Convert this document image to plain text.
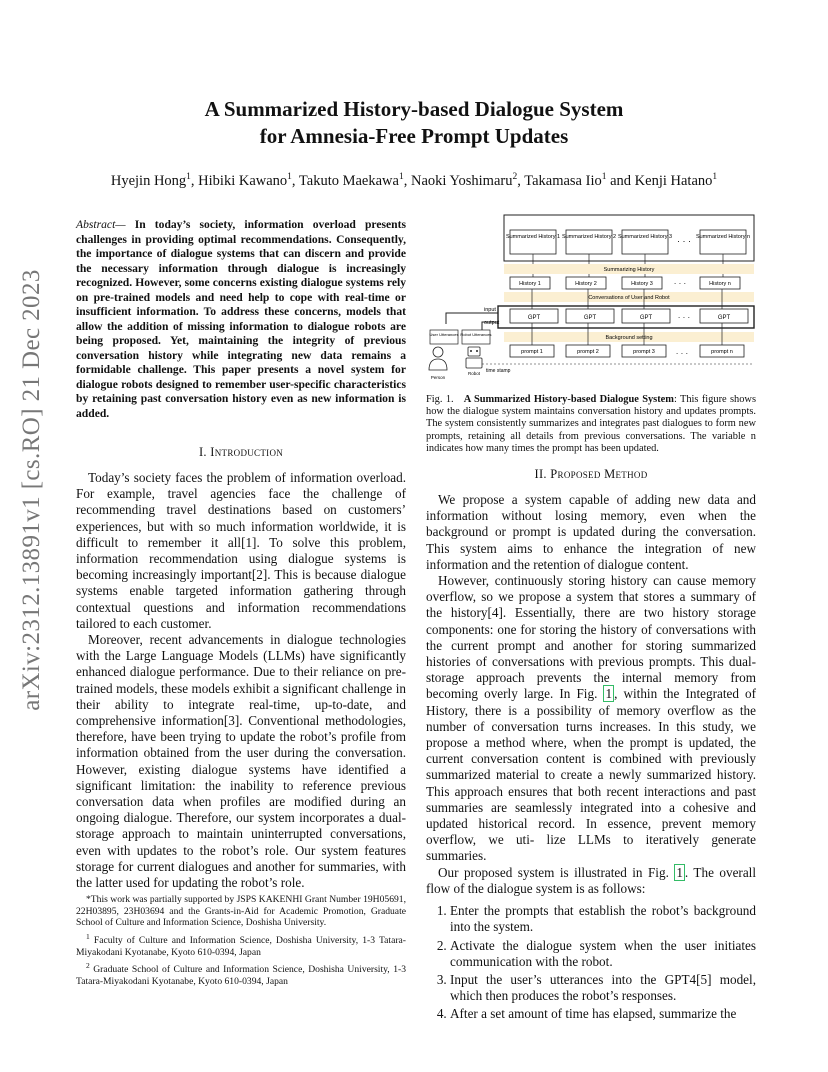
arXiv:2312.13891v1 [cs.RO] 21 Dec 2023
A Summarized History-based Dialogue System
for Amnesia-Free Prompt Updates
Hyejin Hong$^1$, Hibiki Kawano$^1$, Takuto Maekawa$^1$, Naoki Yoshimaru$^2$, Takamasa Iio$^1$ and Kenji Hatano$^1$

Abstract— In today’s society, information overload presents challenges in providing optimal recommendations. Consequently, the importance of dialogue systems that can discern and provide the necessary information through dialogue is increasingly recognized. However, some concerns existing dialogue systems rely on pre-trained models and need help to cope with real-time or insufficient information. To address these concerns, models that allow the addition of missing information to dialogue robots are being proposed. Yet, maintaining the integrity of previous conversation history while integrating new data remains a formidable challenge. This paper presents a novel system for dialogue robots designed to remember user-specific characteristics by retaining past conversation history even as new information is added.

I. Introduction

Today’s society faces the problem of information overload. For example, travel agencies face the challenge of recommending travel destinations based on customers’ experiences, but with so much information worldwide, it is difficult to remember it all[1]. To solve this problem, information recommendation using dialogue systems is becoming increasingly important[2]. This is because dialogue systems enable targeted information gathering through contextual questions and information recommendations tailored to each customer.

Moreover, recent advancements in dialogue technologies with the Large Language Models (LLMs) have significantly enhanced dialogue performance. Due to their reliance on pre-trained models, these models exhibit a significant challenge in their ability to integrate real-time, up-to-date, and comprehensive information[3]. Conventional methodologies, therefore, have been trying to update the robot’s profile from information obtained from the user during the conversation. However, existing dialogue systems have identified a significant limitation: the inability to reference previous conversation data when profiles are modified during an ongoing dialogue. Therefore, our system incorporates a dual-storage approach to maintain uninterrupted conversations, even with updates to the robot’s role. Our system features storage for current dialogues and another for summaries, with the latter used for updating the robot’s role.

*This work was partially supported by JSPS KAKENHI Grant Number 19H05691, 22H03895, 23H03694 and the Grants-in-Aid for Academic Promotion, Graduate School of Culture and Information Science, Doshisha University.

$^1$ Faculty of Culture and Information Science, Doshisha University, 1-3 Tatara-Miyakodani Kyotanabe, Kyoto 610-0394, Japan

$^2$ Graduate School of Culture and Information Science, Doshisha University, 1-3 Tatara-Miyakodani Kyotanabe, Kyoto 610-0394, Japan

Summarized History 1 Summarized History 2 Summarized History 3 · · · Summarized History n
Summarizing History
History 1	History 2	History 3	· · ·	History n
Conversations of User and Robot
GPT	GPT	GPT	· · ·	GPT
Background setting
prompt 1	prompt 2	prompt 3	· · ·	prompt n
time stamp
input
output
User Utterances Robot Utterances
Person
Robot

Fig. 1. A Summarized History-based Dialogue System: This figure shows how the dialogue system maintains conversation history and updates prompts. The system consistently summarizes and integrates past dialogues to form new prompts, retaining all details from previous conversations. The variable n indicates how many times the prompt has been updated.

II. Proposed Method

We propose a system capable of adding new data and information without losing memory, even when the background or prompt is updated during the conversation. This system aims to enhance the integration of new information and the retention of dialogue content.

However, continuously storing history can cause memory overflow, so we propose a system that stores a summary of the history[4]. Essentially, there are two history storage components: one for storing the history of conversations with the current prompt and another for storing summarized histories of conversations with previous prompts. This dual-storage approach prevents the internal memory from becoming overly large. In Fig. 1 , within the Integrated of History, there is a possibility of memory overflow as the number of conversation turns increases. In this study, we propose a method where, when the prompt is updated, the current conversation content is combined with previously summarized material to create a newly summarized history. This approach ensures that both recent interactions and past summaries are seamlessly integrated into a cohesive and updated historical record. In essence, prevent memory overflow, we uti- lize LLMs to iteratively generate summaries.

Our proposed system is illustrated in Fig. 1 . The overall flow of the dialogue system is as follows:

1. Enter the prompts that establish the robot’s background into the system.
2. Activate the dialogue system when the user initiates communication with the robot.
3. Input the user’s utterances into the GPT4[5] model, which then produces the robot’s responses.
4. After a set amount of time has elapsed, summarize the
